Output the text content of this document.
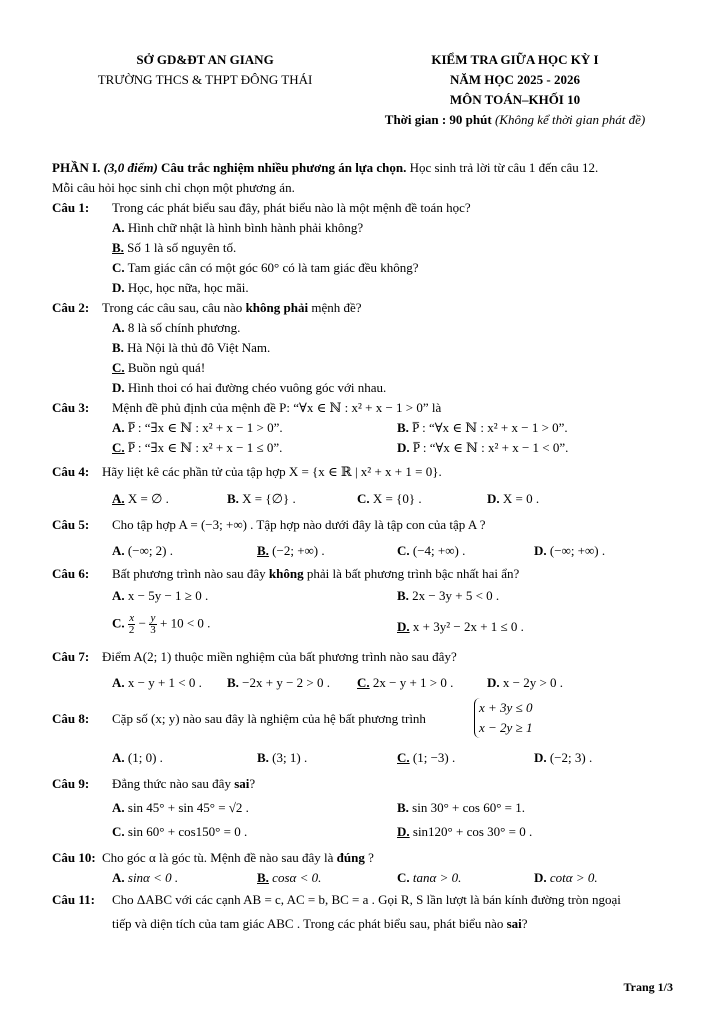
SỞ GD&ĐT AN GIANG
TRƯỜNG THCS & THPT ĐÔNG THÁI
KIỂM TRA GIỮA HỌC KỲ I
NĂM HỌC 2025 - 2026
MÔN TOÁN–KHỐI 10
Thời gian : 90 phút (Không kể thời gian phát đề)
PHẦN I. (3,0 điểm) Câu trắc nghiệm nhiều phương án lựa chọn. Học sinh trả lời từ câu 1 đến câu 12.
Mỗi câu hỏi học sinh chỉ chọn một phương án.
Câu 1: Trong các phát biểu sau đây, phát biểu nào là một mệnh đề toán học?
A. Hình chữ nhật là hình bình hành phải không?
B. Số 1 là số nguyên tố.
C. Tam giác cân có một góc 60° có là tam giác đều không?
D. Học, học nữa, học mãi.
Câu 2: Trong các câu sau, câu nào không phải mệnh đề?
A. 8 là số chính phương.
B. Hà Nội là thủ đô Việt Nam.
C. Buồn ngủ quá!
D. Hình thoi có hai đường chéo vuông góc với nhau.
Câu 3: Mệnh đề phủ định của mệnh đề P: “∀x ∈ ℕ : x² + x − 1 > 0” là
A. P̅ : “∃x ∈ ℕ : x² + x − 1 > 0”.	B. P̅ : “∀x ∈ ℕ : x² + x − 1 > 0”.
C. P̅ : “∃x ∈ ℕ : x² + x − 1 ≤ 0”.	D. P̅ : “∀x ∈ ℕ : x² + x − 1 < 0”.
Câu 4: Hãy liệt kê các phần tử của tập hợp X = {x ∈ ℝ | x² + x + 1 = 0}.
A. X = ∅ .	B. X = {∅} .	C. X = {0} .	D. X = 0 .
Câu 5: Cho tập hợp A = (−3; +∞) . Tập hợp nào dưới đây là tập con của tập A ?
A. (−∞; 2) .	B. (−2; +∞) .	C. (−4; +∞) .	D. (−∞; +∞) .
Câu 6: Bất phương trình nào sau đây không phải là bất phương trình bậc nhất hai ẩn?
A. x − 5y − 1 ≥ 0 .	B. 2x − 3y + 5 < 0 .
C. $\frac{x}{2} - \frac{y}{3} + 10 < 0$ .	D. x + 3y² − 2x + 1 ≤ 0 .
Câu 7: Điểm A(2; 1) thuộc miền nghiệm của bất phương trình nào sau đây?
A. x − y + 1 < 0 . B. −2x + y − 2 > 0 . C. 2x − y + 1 > 0 .	D. x − 2y > 0 .
Câu 8: Cặp số (x; y) nào sau đây là nghiệm của hệ bất phương trình
x + 3y ≤ 0
x − 2y ≥ 1
A. (1; 0) .	B. (3; 1) .	C. (1; −3) .	D. (−2; 3) .
Câu 9: Đẳng thức nào sau đây sai?
A. sin 45° + sin 45° = √2 .	B. sin 30° + cos 60° = 1.
C. sin 60° + cos150° = 0 .	D. sin120° + cos 30° = 0 .
Câu 10: Cho góc α là góc tù. Mệnh đề nào sau đây là đúng ?
A. sinα < 0 .	B. cosα < 0.	C. tanα > 0.	D. cotα > 0.
Câu 11: Cho ΔABC với các cạnh AB = c, AC = b, BC = a . Gọi R, S lần lượt là bán kính đường tròn ngoại
tiếp và diện tích của tam giác ABC . Trong các phát biểu sau, phát biểu nào sai?
Trang 1/3
